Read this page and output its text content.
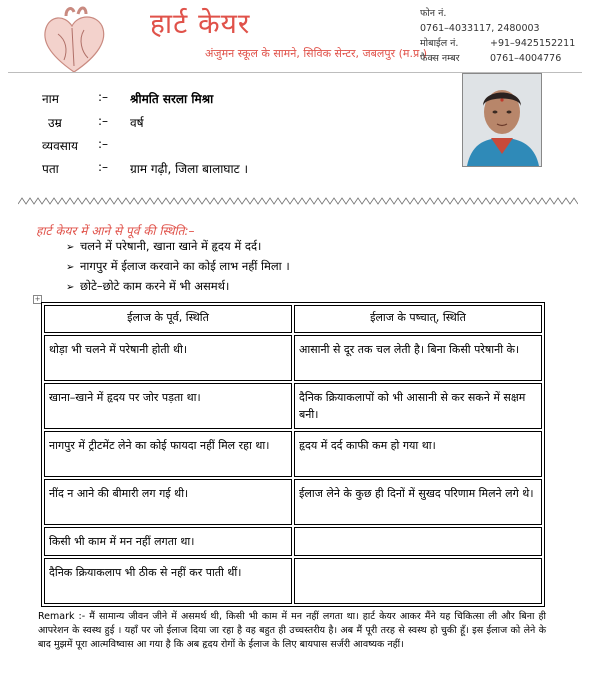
हार्ट केयर
अंजुमन स्कूल के सामने, सिविक सेन्टर, जबलपुर (म.प्र.)
फोन नं.0761–4033117, 2480003
मोबाईल नं.	+91–9425152211
फैक्स नम्बर	0761–4004776
नाम	:– श्रीमति सरला मिश्रा
उम्र	:– वर्ष
व्यवसाय :–
पता	:– ग्राम गढ़ी, जिला बालाघाट ।
हार्ट केयर में आने से पूर्व की स्थिति:–
➢ चलने में परेषानी, खाना खाने में हृदय में दर्द।
➢ नागपुर में ईलाज करवाने का कोई लाभ नहीं मिला ।
➢ छोटे–छोटे काम करने में भी असमर्थ।
+
ईलाज के पूर्व, स्थिति	ईलाज के पष्चात्, स्थिति
थोड़ा भी चलने में परेषानी होती थी।	आसानी से दूर तक चल लेती है। बिना किसी परेषानी के।
खाना–खाने में हृदय पर जोर पड़ता था।	दैनिक क्रियाकलापों को भी आसानी से कर सकने में सक्षम बनी।
नागपुर में ट्रीटमेंट लेने का कोई फायदा नहीं मिल रहा था।	हृदय में दर्द काफी कम हो गया था।
नींद न आने की बीमारी लग गई थी।	ईलाज लेने के कुछ ही दिनों में सुखद परिणाम मिलने लगे थे।
किसी भी काम में मन नहीं लगता था।	
दैनिक क्रियाकलाप भी ठीक से नहीं कर पाती थीं।	
Remark :- मैं सामान्य जीवन जीने में असमर्थ थी, किसी भी काम में मन नहीं लगता था। हार्ट केयर आकर मैंने यह चिकित्सा ली और बिना ही आपरेशन के स्वस्थ हुई । यहाँ पर जो ईलाज दिया जा रहा है वह बहुत ही उच्चस्तरीय है। अब मैं पूरी तरह से स्वस्थ हो चुकी हूँ। इस ईलाज को लेने के बाद मुझमें पूरा आत्मविष्वास आ गया है कि अब हृदय रोगों के ईलाज के लिए बायपास सर्जरी आवष्यक नहीं।
